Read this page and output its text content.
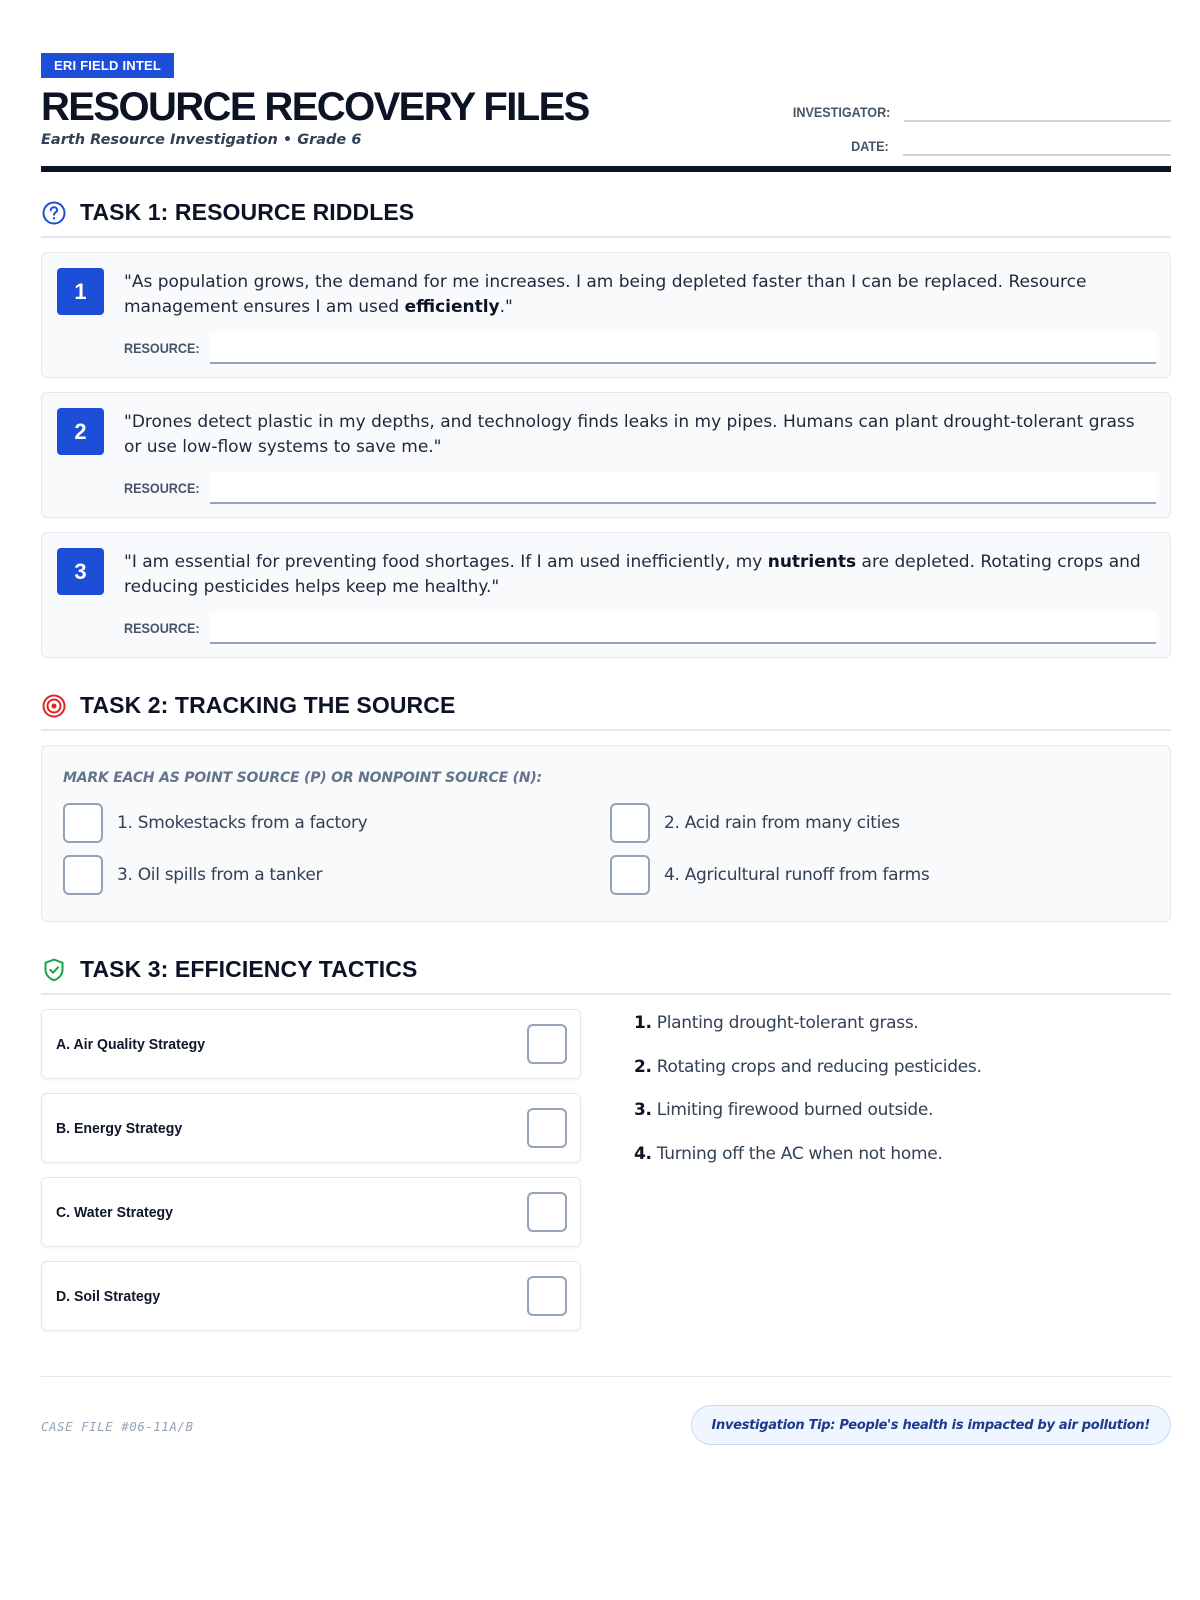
ERI FIELD INTEL
RESOURCE RECOVERY FILES
Earth Resource Investigation • Grade 6
INVESTIGATOR:
DATE:
TASK 1: RESOURCE RIDDLES
1	"As population grows, the demand for me increases. I am being depleted faster than I can be replaced. Resource management ensures I am used efficiently."
RESOURCE:
2	"Drones detect plastic in my depths, and technology finds leaks in my pipes. Humans can plant drought-tolerant grass or use low-flow systems to save me."
RESOURCE:
3	"I am essential for preventing food shortages. If I am used inefficiently, my nutrients are depleted. Rotating crops and reducing pesticides helps keep me healthy."
RESOURCE:
TASK 2: TRACKING THE SOURCE
MARK EACH AS POINT SOURCE (P) OR NONPOINT SOURCE (N):
1. Smokestacks from a factory	2. Acid rain from many cities
3. Oil spills from a tanker	4. Agricultural runoff from farms
TASK 3: EFFICIENCY TACTICS
A. Air Quality Strategy
B. Energy Strategy
C. Water Strategy
D. Soil Strategy
1. Planting drought-tolerant grass.
2. Rotating crops and reducing pesticides.
3. Limiting firewood burned outside.
4. Turning off the AC when not home.
CASE FILE #06-11A/B	Investigation Tip: People's health is impacted by air pollution!
